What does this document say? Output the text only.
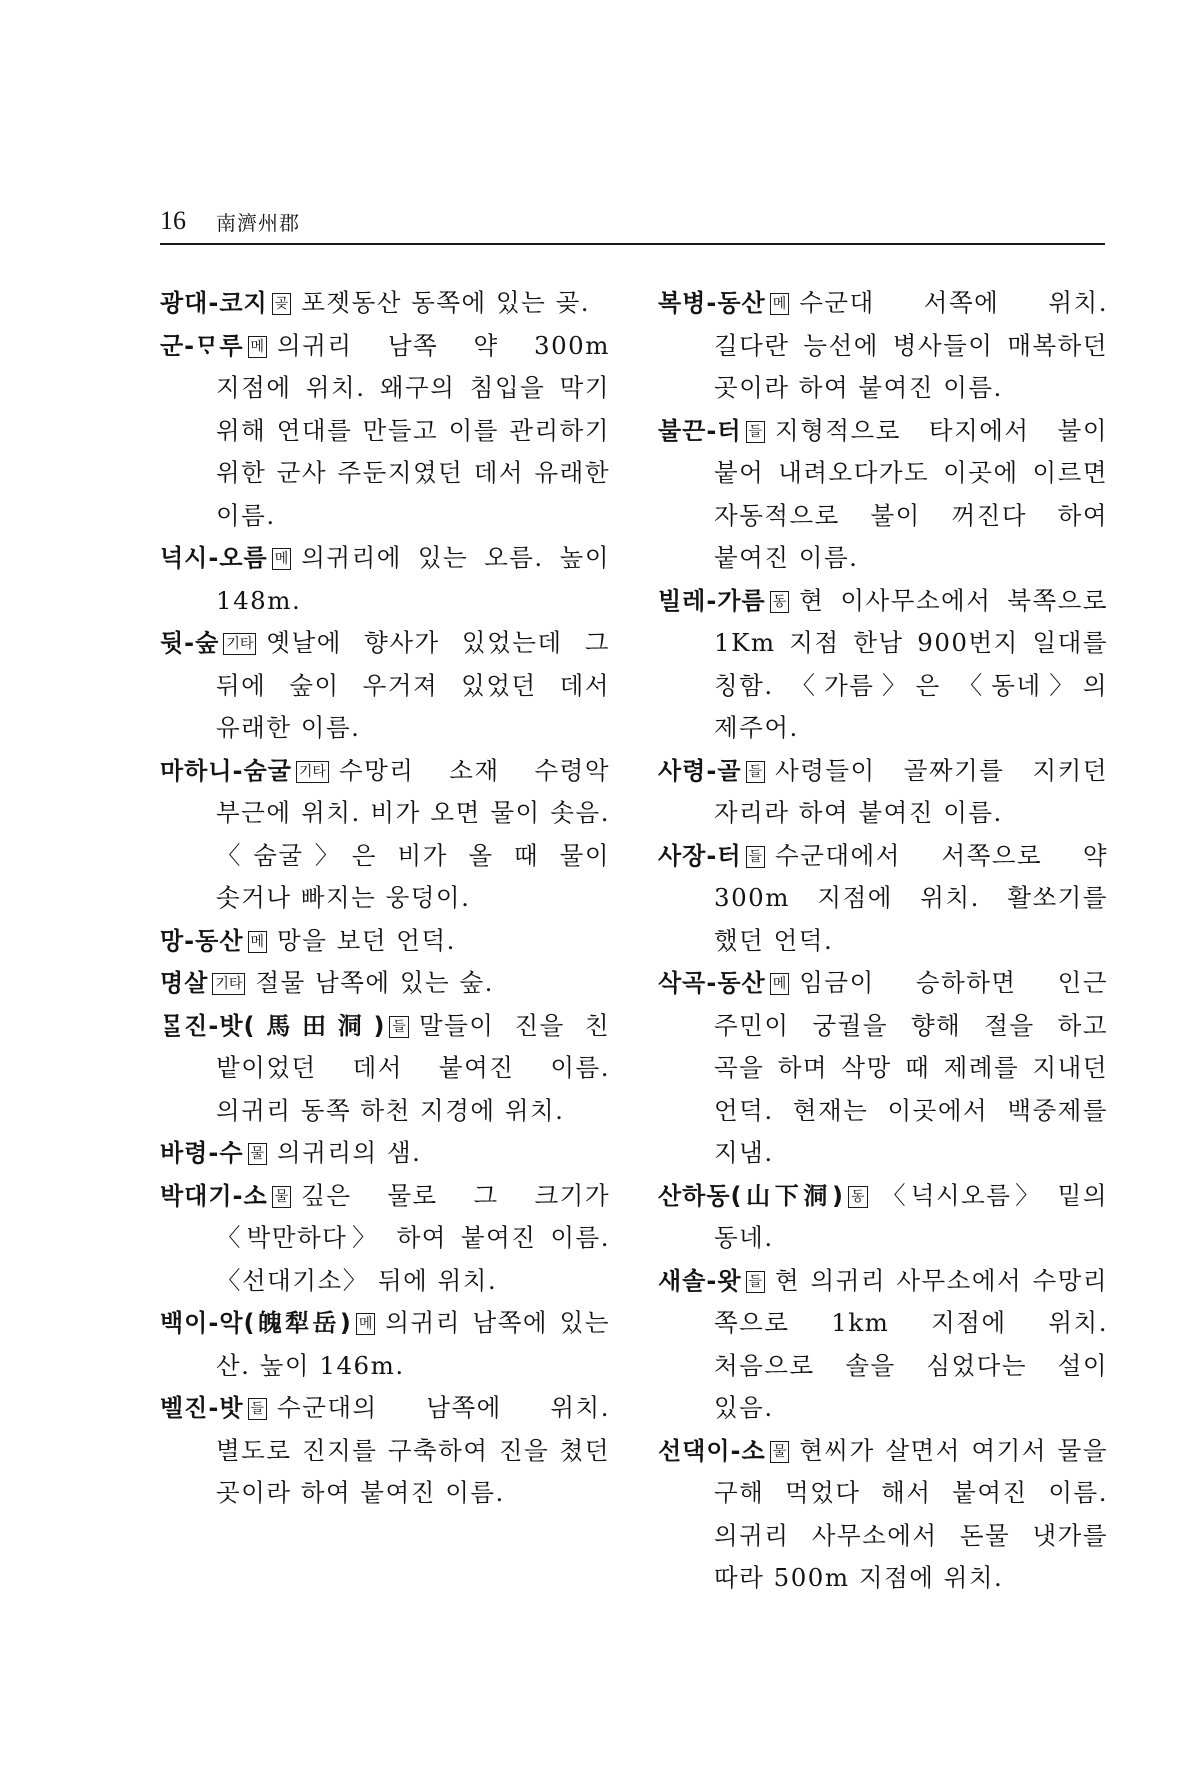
16 南濟州郡

광대-코지 곶 포젯동산 동쪽에 있는 곶.

군-ᄆᆞ루 메 의귀리 남쪽 약 300m 지점에 위치. 왜구의 침입을 막기 위해 연대를 만들고 이를 관리하기 위한 군사 주둔지였던 데서 유래한 이름.

넉시-오름 메 의귀리에 있는 오름. 높이 148m.

뒷-숲 기타 옛날에 향사가 있었는데 그 뒤에 숲이 우거져 있었던 데서 유래한 이름.

마하니-숨굴 기타 수망리 소재 수령악 부근에 위치. 비가 오면 물이 솟음. 〈숨굴〉은 비가 올 때 물이 솟거나 빠지는 웅덩이.

망-동산 메 망을 보던 언덕.

명살 기타 절물 남쪽에 있는 숲.

ᄆᆞᆯ진-밧(馬田洞) 들 말들이 진을 친 밭이었던 데서 붙여진 이름. 의귀리 동쪽 하천 지경에 위치.

바령-수 물 의귀리의 샘.

박대기-소 물 깊은 물로 그 크기가 〈박만하다〉 하여 붙여진 이름. 〈선대기소〉 뒤에 위치.

백이-악(魄犁岳) 메 의귀리 남쪽에 있는 산. 높이 146m.

벨진-밧 들 수군대의 남쪽에 위치. 별도로 진지를 구축하여 진을 쳤던 곳이라 하여 붙여진 이름.

복병-동산 메 수군대 서쪽에 위치. 길다란 능선에 병사들이 매복하던 곳이라 하여 붙여진 이름.

불끈-터 들 지형적으로 타지에서 불이 붙어 내려오다가도 이곳에 이르면 자동적으로 불이 꺼진다 하여 붙여진 이름.

빌레-가름 동 현 이사무소에서 북쪽으로 1Km 지점 한남 900번지 일대를 칭함. 〈가름〉은 〈동네〉의 제주어.

사령-골 들 사령들이 골짜기를 지키던 자리라 하여 붙여진 이름.

사장-터 들 수군대에서 서쪽으로 약 300m 지점에 위치. 활쏘기를 했던 언덕.

삭곡-동산 메 임금이 승하하면 인근 주민이 궁궐을 향해 절을 하고 곡을 하며 삭망 때 제례를 지내던 언덕. 현재는 이곳에서 백중제를 지냄.

산하동(山下洞) 동 〈넉시오름〉 밑의 동네.

새솔-왓 들 현 의귀리 사무소에서 수망리 쪽으로 1km 지점에 위치. 처음으로 솔을 심었다는 설이 있음.

선댁이-소 물 현씨가 살면서 여기서 물을 구해 먹었다 해서 붙여진 이름. 의귀리 사무소에서 돈물 냇가를 따라 500m 지점에 위치.
